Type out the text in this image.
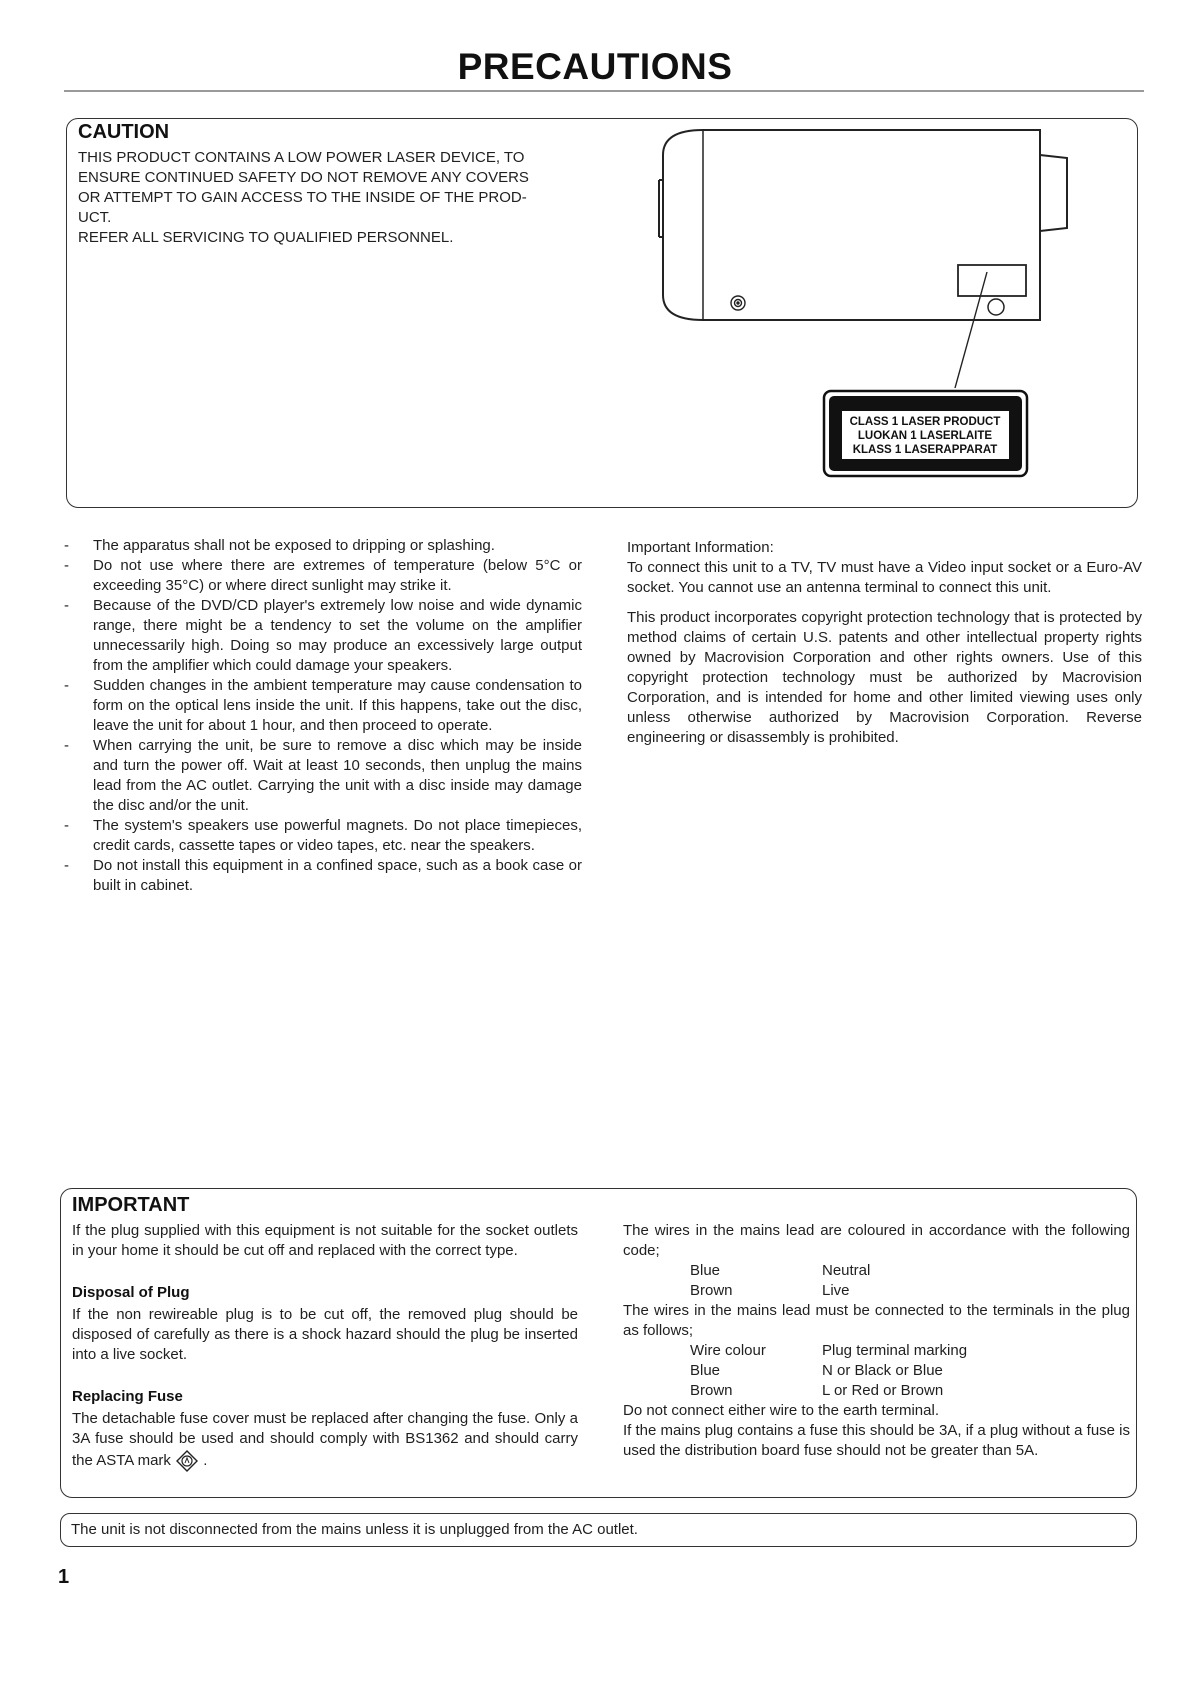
PRECAUTIONS
CAUTION
THIS PRODUCT CONTAINS A LOW POWER LASER DEVICE, TO
ENSURE CONTINUED SAFETY DO NOT REMOVE ANY COVERS
OR ATTEMPT TO GAIN ACCESS TO THE INSIDE OF THE PROD-
UCT.
REFER ALL SERVICING TO QUALIFIED PERSONNEL.
CLASS 1 LASER PRODUCT
LUOKAN 1 LASERLAITE
KLASS 1 LASERAPPARAT
- The apparatus shall not be exposed to dripping or splashing.
- Do not use where there are extremes of temperature (below 5°C or exceeding 35°C) or where direct sunlight may strike it.
- Because of the DVD/CD player's extremely low noise and wide dynamic range, there might be a tendency to set the volume on the amplifier unnecessarily high. Doing so may produce an excessively large output from the amplifier which could damage your speakers.
- Sudden changes in the ambient temperature may cause condensation to form on the optical lens inside the unit. If this happens, take out the disc, leave the unit for about 1 hour, and then proceed to operate.
- When carrying the unit, be sure to remove a disc which may be inside and turn the power off. Wait at least 10 seconds, then unplug the mains lead from the AC outlet. Carrying the unit with a disc inside may damage the disc and/or the unit.
- The system's speakers use powerful magnets. Do not place timepieces, credit cards, cassette tapes or video tapes, etc. near the speakers.
- Do not install this equipment in a confined space, such as a book case or built in cabinet.

Important Information:

To connect this unit to a TV, TV must have a Video input socket or a Euro-AV socket. You cannot use an antenna terminal to connect this unit.

This product incorporates copyright protection technology that is protected by method claims of certain U.S. patents and other intellectual property rights owned by Macrovision Corporation and other rights owners. Use of this copyright protection technology must be authorized by Macrovision Corporation, and is intended for home and other limited viewing uses only unless otherwise authorized by Macrovision Corporation. Reverse engineering or disassembly is prohibited.

IMPORTANT

If the plug supplied with this equipment is not suitable for the socket outlets in your home it should be cut off and replaced with the correct type.

Disposal of Plug

If the non rewireable plug is to be cut off, the removed plug should be disposed of carefully as there is a shock hazard should the plug be inserted into a live socket.

Replacing Fuse

The detachable fuse cover must be replaced after changing the fuse. Only a 3A fuse should be used and should comply with BS1362 and should carry the ASTA mark .

The wires in the mains lead are coloured in accordance with the following code;

Blue	Neutral
Brown	Live

The wires in the mains lead must be connected to the terminals in the plug as follows;

Wire colour	Plug terminal marking
Blue	N or Black or Blue
Brown	L or Red or Brown

Do not connect either wire to the earth terminal.

If the mains plug contains a fuse this should be 3A, if a plug without a fuse is used the distribution board fuse should not be greater than 5A.

The unit is not disconnected from the mains unless it is unplugged from the AC outlet.
1
